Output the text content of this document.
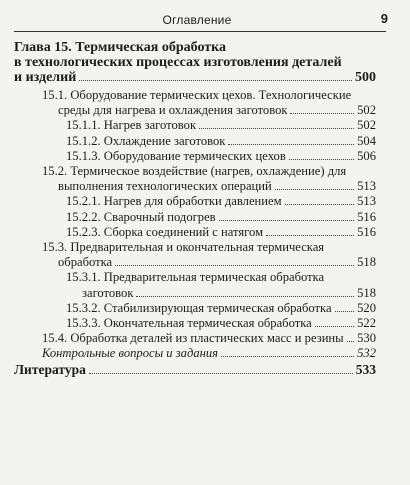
Оглавление	9
Глава 15. Термическая обработка
в технологических процессах изготовления деталей
и изделий	500
15.1. Оборудование термических цехов. Технологические
среды для нагрева и охлаждения заготовок	502
15.1.1. Нагрев заготовок	502
15.1.2. Охлаждение заготовок	504
15.1.3. Оборудование термических цехов	506
15.2. Термическое воздействие (нагрев, охлаждение) для
выполнения технологических операций	513
15.2.1. Нагрев для обработки давлением	513
15.2.2. Сварочный подогрев	516
15.2.3. Сборка соединений с натягом	516
15.3. Предварительная и окончательная термическая
обработка	518
15.3.1. Предварительная термическая обработка
заготовок	518
15.3.2. Стабилизирующая термическая обработка 520
15.3.3. Окончательная термическая обработка	522
15.4. Обработка деталей из пластических масс и резины 530
Контрольные вопросы и задания	532
Литература	533
